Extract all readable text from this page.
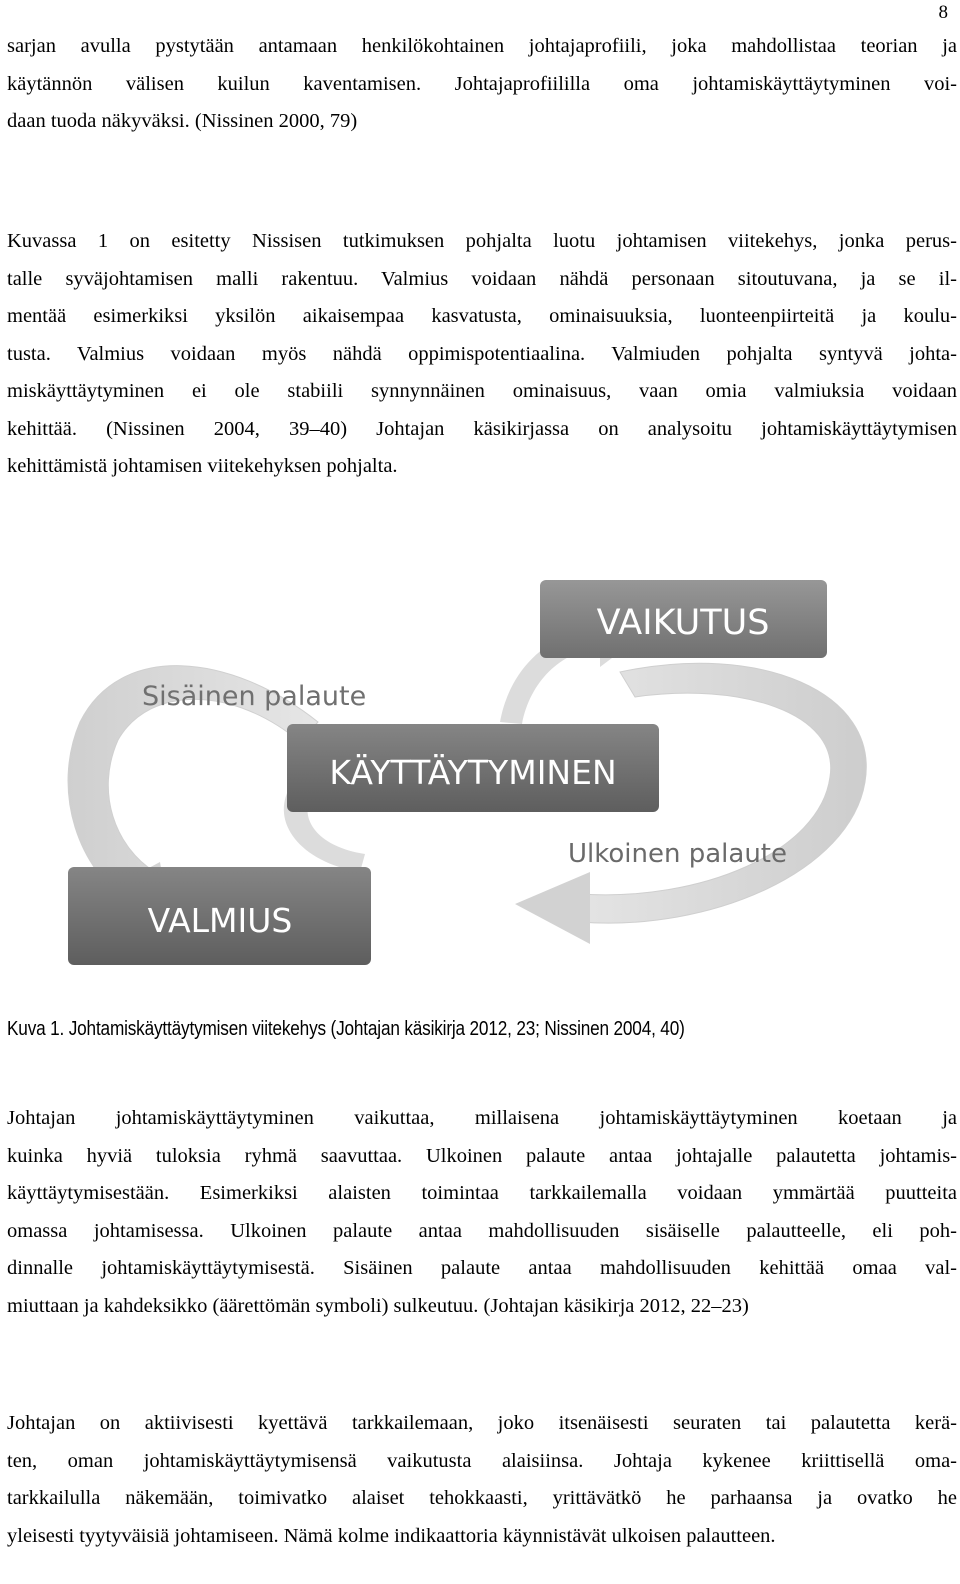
8
sarjan avulla pystytään antamaan henkilökohtainen johtajaprofiili, joka mahdollistaa teorian ja
käytännön välisen kuilun kaventamisen. Johtajaprofiililla oma johtamiskäyttäytyminen voi-
daan tuoda näkyväksi. (Nissinen 2000, 79)
Kuvassa 1 on esitetty Nissisen tutkimuksen pohjalta luotu johtamisen viitekehys, jonka perus-
talle syväjohtamisen malli rakentuu. Valmius voidaan nähdä personaan sitoutuvana, ja se il-
mentää esimerkiksi yksilön aikaisempaa kasvatusta, ominaisuuksia, luonteenpiirteitä ja koulu-
tusta. Valmius voidaan myös nähdä oppimispotentiaalina. Valmiuden pohjalta syntyvä johta-
miskäyttäytyminen ei ole stabiili synnynnäinen ominaisuus, vaan omia valmiuksia voidaan
kehittää. (Nissinen 2004, 39–40) Johtajan käsikirjassa on analysoitu johtamiskäyttäytymisen
kehittämistä johtamisen viitekehyksen pohjalta.
VAIKUTUS
KÄYTTÄYTYMINEN
VALMIUS
Sisäinen palaute
Ulkoinen palaute
Kuva 1. Johtamiskäyttäytymisen viitekehys (Johtajan käsikirja 2012, 23; Nissinen 2004, 40)
Johtajan johtamiskäyttäytyminen vaikuttaa, millaisena johtamiskäyttäytyminen koetaan ja
kuinka hyviä tuloksia ryhmä saavuttaa. Ulkoinen palaute antaa johtajalle palautetta johtamis-
käyttäytymisestään. Esimerkiksi alaisten toimintaa tarkkailemalla voidaan ymmärtää puutteita
omassa johtamisessa. Ulkoinen palaute antaa mahdollisuuden sisäiselle palautteelle, eli poh-
dinnalle johtamiskäyttäytymisestä. Sisäinen palaute antaa mahdollisuuden kehittää omaa val-
miuttaan ja kahdeksikko (äärettömän symboli) sulkeutuu. (Johtajan käsikirja 2012, 22–23)
Johtajan on aktiivisesti kyettävä tarkkailemaan, joko itsenäisesti seuraten tai palautetta kerä-
ten, oman johtamiskäyttäytymisensä vaikutusta alaisiinsa. Johtaja kykenee kriittisellä oma-
tarkkailulla näkemään, toimivatko alaiset tehokkaasti, yrittävätkö he parhaansa ja ovatko he
yleisesti tyytyväisiä johtamiseen. Nämä kolme indikaattoria käynnistävät ulkoisen palautteen.
